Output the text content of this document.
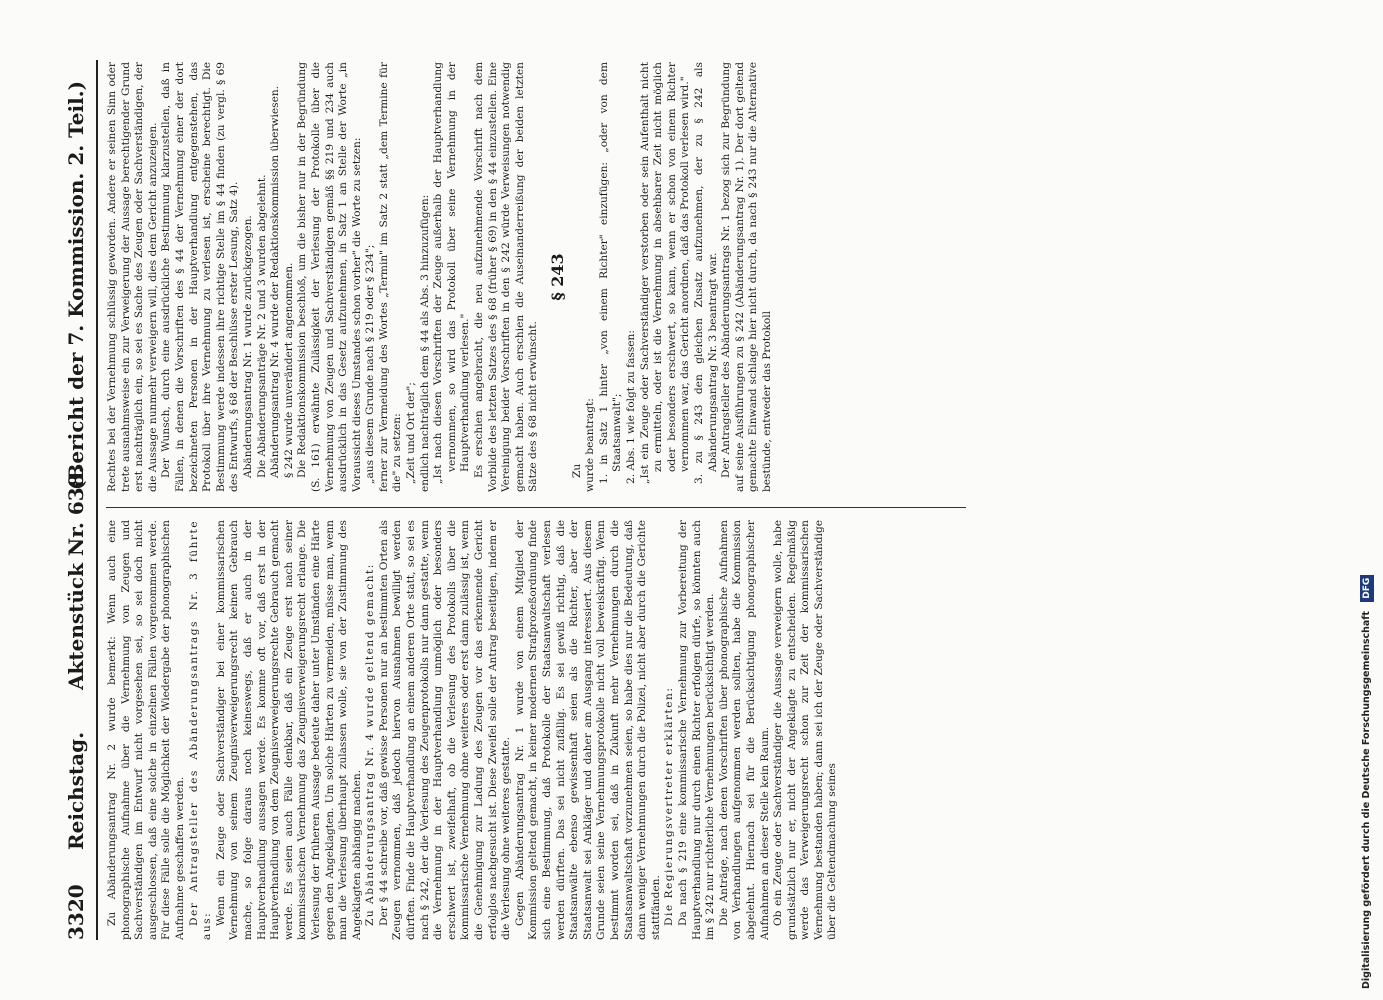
3320
Reichstag.
Aktenstück Nr. 638.
(Bericht der 7. Kommission. 2. Teil.)

Zu Abänderungsantrag Nr. 2 wurde bemerkt: Wenn auch eine phonographische Aufnahme über die Vernehmung von Zeugen und Sachverständigen im Entwurf nicht vorgesehen sei, so sei doch nicht ausgeschlossen, daß eine solche in einzelnen Fällen vorgenommen werde. Für diese Fälle solle die Möglichkeit der Wiedergabe der phonographischen Aufnahme geschaffen werden. Der Antragsteller des Abänderungsantrags Nr. 3 führte aus: Wenn ein Zeuge oder Sachverständiger bei einer kommissarischen Vernehmung von seinem Zeugnisverweigerungsrecht keinen Gebrauch mache, so folge daraus noch keineswegs, daß er auch in der Hauptverhandlung aussagen werde. Es komme oft vor, daß erst in der Hauptverhandlung von dem Zeugnisverweigerungsrechte Gebrauch gemacht werde. Es seien auch Fälle denkbar, daß ein Zeuge erst nach seiner kommissarischen Vernehmung das Zeugnisverweigerungsrecht erlange. Die Verlesung der früheren Aussage bedeute daher unter Umständen eine Härte gegen den Angeklagten. Um solche Härten zu vermeiden, müsse man, wenn man die Verlesung überhaupt zulassen wolle, sie von der Zustimmung des Angeklagten abhängig machen. Zu Abänderungsantrag Nr. 4 wurde geltend gemacht: Der § 44 schreibe vor, daß gewisse Personen nur an bestimmten Orten als Zeugen vernommen, daß jedoch hiervon Ausnahmen bewilligt werden dürften. Finde die Hauptverhandlung an einem anderen Orte statt, so sei es nach § 242, der die Verlesung des Zeugenprotokolls nur dann gestatte, wenn die Vernehmung in der Hauptverhandlung unmöglich oder besonders erschwert ist, zweifelhaft, ob die Verlesung des Protokolls über die kommissarische Vernehmung ohne weiteres oder erst dann zulässig ist, wenn die Genehmigung zur Ladung des Zeugen vor das erkennende Gericht erfolglos nachgesucht ist. Diese Zweifel solle der Antrag beseitigen, indem er die Verlesung ohne weiteres gestatte. Gegen Abänderungsantrag Nr. 1 wurde von einem Mitglied der Kommission geltend gemacht, in keiner modernen Strafprozeßordnung finde sich eine Bestimmung, daß Protokolle der Staatsanwaltschaft verlesen werden dürften. Das sei nicht zufällig. Es sei gewiß richtig, daß die Staatsanwälte ebenso gewissenhaft seien als die Richter, aber der Staatsanwalt sei Ankläger und daher am Ausgang interessiert. Aus diesem Grunde seien seine Vernehmungsprotokolle nicht voll beweiskräftig. Wenn bestimmt worden sei, daß in Zukunft mehr Vernehmungen durch die Staatsanwaltschaft vorzunehmen seien, so habe dies nur die Bedeutung, daß dann weniger Vernehmungen durch die Polizei, nicht aber durch die Gerichte stattfänden. Die Regierungsvertreter erklärten: Da nach § 219 eine kommissarische Vernehmung zur Vorbereitung der Hauptverhandlung nur durch einen Richter erfolgen dürfe, so könnten auch im § 242 nur richterliche Vernehmungen berücksichtigt werden. Die Anträge, nach denen Vorschriften über phonographische Aufnahmen von Verhandlungen aufgenommen werden sollten, habe die Kommission abgelehnt. Hiernach sei für die Berücksichtigung phonographischer Aufnahmen an dieser Stelle kein Raum. Ob ein Zeuge oder Sachverständiger die Aussage verweigern wolle, habe grundsätzlich nur er, nicht der Angeklagte zu entscheiden. Regelmäßig werde das Verweigerungsrecht schon zur Zeit der kommissarischen Vernehmung bestanden haben; dann sei ich der Zeuge oder Sachverständige über die Geltendmachung seines

Rechtes bei der Vernehmung schlüssig geworden. Andere er seinen Sinn oder trete ausnahmsweise ein zur Verweigerung der Aussage berechtigender Grund erst nachträglich ein, so sei es Sache des Zeugen oder Sachverständigen, der die Aussage nunmehr verweigern will, dies dem Gericht anzuzeigen. Der Wunsch, durch eine ausdrückliche Bestimmung klarzustellen, daß in Fällen, in denen die Vorschriften des § 44 der Vernehmung einer der dort bezeichneten Personen in der Hauptverhandlung entgegenstehen, das Protokoll über ihre Vernehmung zu verlesen ist, erscheine berechtigt. Die Bestimmung werde indessen ihre richtige Stelle im § 44 finden (zu vergl. § 69 des Entwurfs, § 68 der Beschlüsse erster Lesung, Satz 4). Abänderungsantrag Nr. 1 wurde zurückgezogen. Die Abänderungsanträge Nr. 2 und 3 wurden abgelehnt. Abänderungsantrag Nr. 4 wurde der Redaktionskommission überwiesen. § 242 wurde unverändert angenommen. Die Redaktionskommission beschloß, um die bisher nur in der Begründung (S. 161) erwähnte Zulässigkeit der Verlesung der Protokolle über die Vernehmung von Zeugen und Sachverständigen gemäß §§ 219 und 234 auch ausdrücklich in das Gesetz aufzunehmen, in Satz 1 an Stelle der Worte „in Voraussicht dieses Umstandes schon vorher" die Worte zu setzen: „aus diesem Grunde nach § 219 oder § 234"; ferner zur Vermeidung des Wortes „Termin" im Satz 2 statt „dem Termine für die" zu setzen: „Zeit und Ort der"; endlich nachträglich dem § 44 als Abs. 3 hinzuzufügen: „Ist nach diesen Vorschriften der Zeuge außerhalb der Hauptverhandlung vernommen, so wird das Protokoll über seine Vernehmung in der Hauptverhandlung verlesen." Es erschien angebracht, die neu aufzunehmende Vorschrift nach dem Vorbilde des letzten Satzes des § 68 (früher § 69) in den § 44 einzustellen. Eine Vereinigung beider Vorschriften in den § 242 würde Verweisungen notwendig gemacht haben. Auch erschien die Auseinanderreißung der beiden letzten Sätze des § 68 nicht erwünscht.

§ 243

Zu wurde beantragt: 1. in Satz 1 hinter „von einem Richter" einzufügen: „oder von dem Staatsanwalt"; 2. Abs. 1 wie folgt zu fassen: „Ist ein Zeuge oder Sachverständiger verstorben oder sein Aufenthalt nicht zu ermitteln, oder ist die Vernehmung in absehbarer Zeit nicht möglich oder besonders erschwert, so kann, wenn er schon von einem Richter vernommen war, das Gericht anordnen, daß das Protokoll verlesen wird." 3. zu § 243 den gleichen Zusatz aufzunehmen, der zu § 242 als Abänderungsantrag Nr. 3 beantragt war. Der Antragsteller des Abänderungsantrags Nr. 1 bezog sich zur Begründung auf seine Ausführungen zu § 242 (Abänderungsantrag Nr. 1). Der dort geltend gemachte Einwand schlage hier nicht durch, da nach § 243 nur die Alternative bestünde, entweder das Protokoll

Digitalisierung gefördert durch die Deutsche Forschungsgemeinschaft DFG
